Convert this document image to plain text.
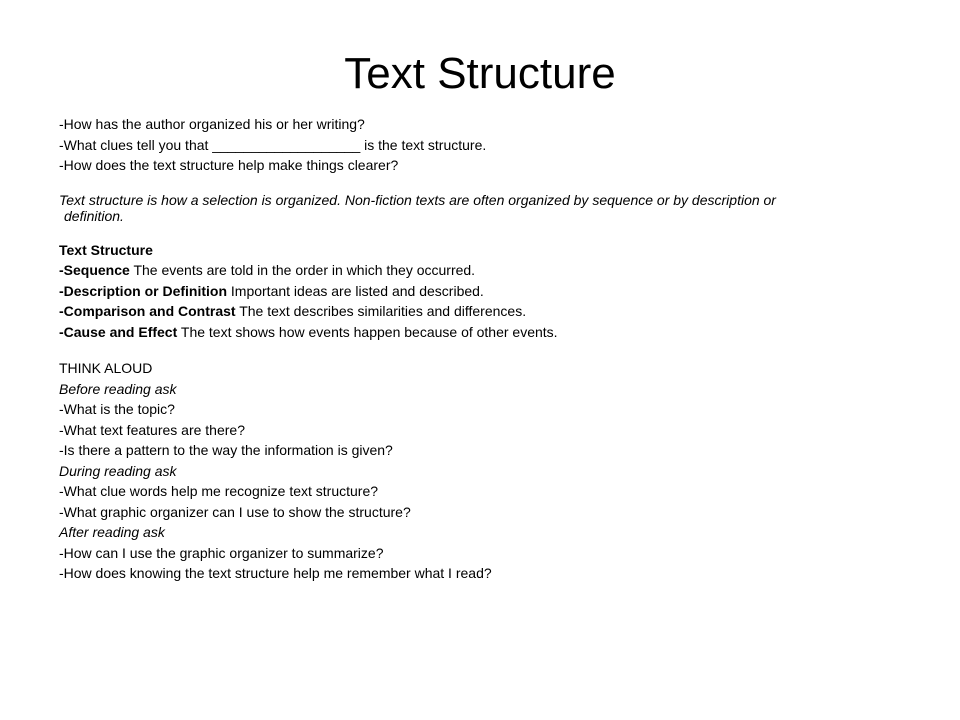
Text Structure
-How has the author organized his or her writing?
-What clues tell you that ___________________ is the text structure.
-How does the text structure help make things clearer?
Text structure is how a selection is organized. Non-fiction texts are often organized by sequence or by description or
definition.
Text Structure
-Sequence The events are told in the order in which they occurred.
-Description or Definition Important ideas are listed and described.
-Comparison and Contrast The text describes similarities and differences.
-Cause and Effect The text shows how events happen because of other events.
THINK ALOUD
Before reading ask
-What is the topic?
-What text features are there?
-Is there a pattern to the way the information is given?
During reading ask
-What clue words help me recognize text structure?
-What graphic organizer can I use to show the structure?
After reading ask
-How can I use the graphic organizer to summarize?
-How does knowing the text structure help me remember what I read?
